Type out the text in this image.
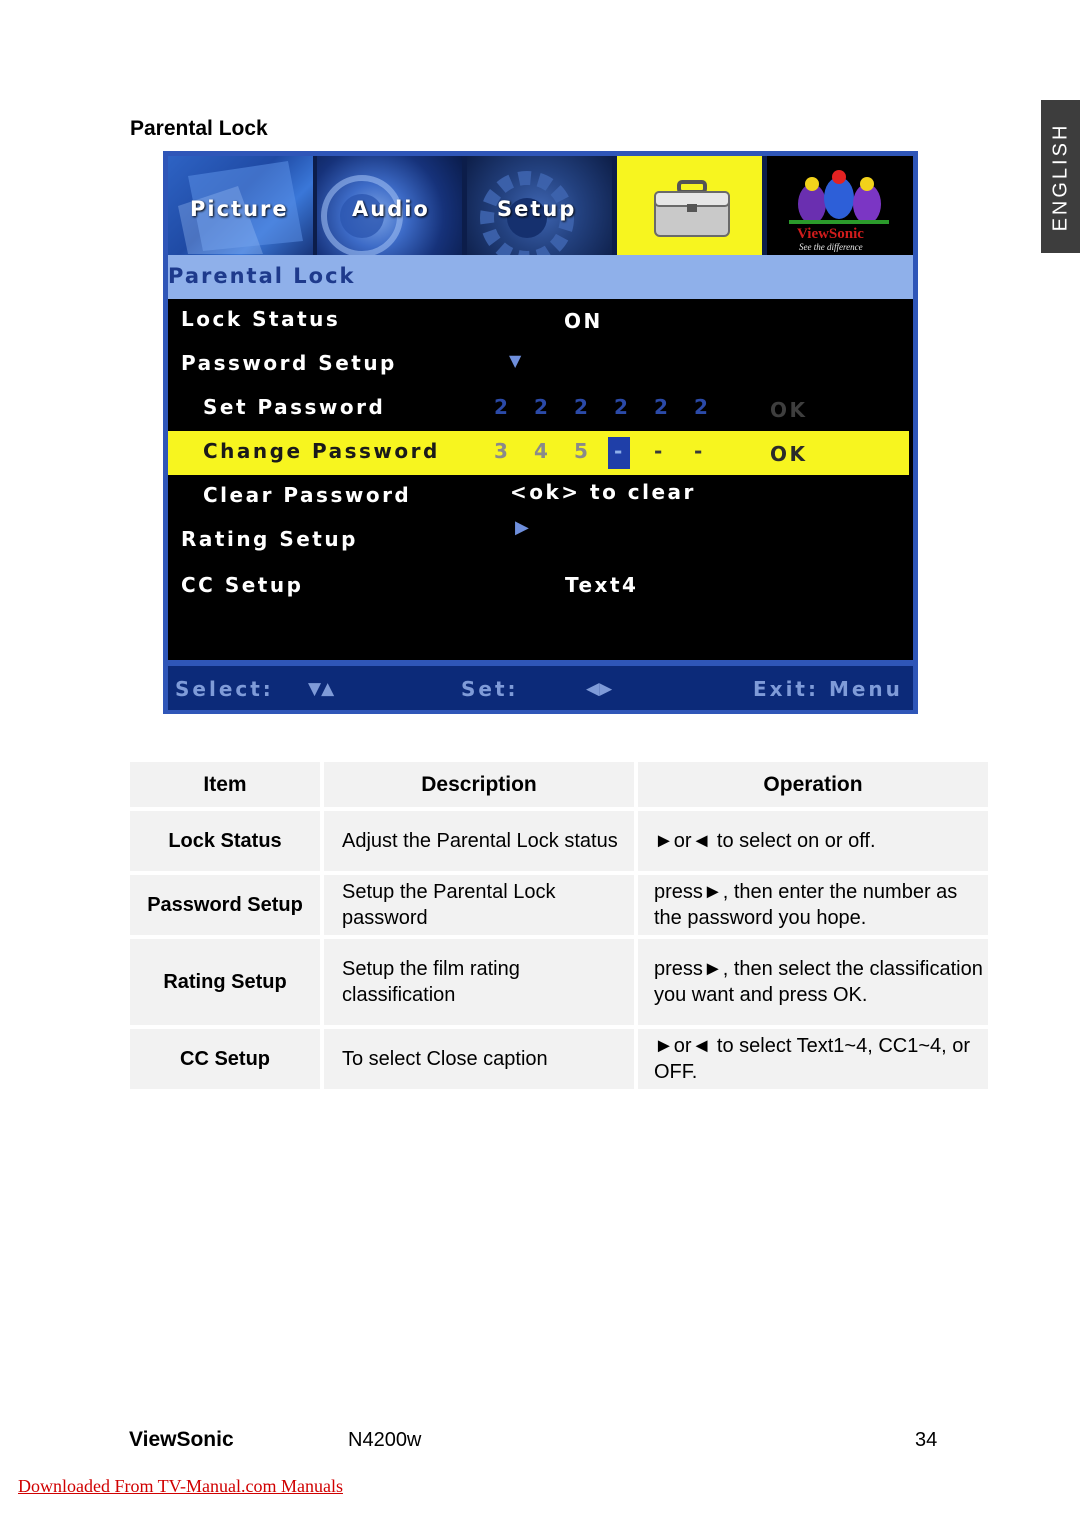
ENGLISH
Parental Lock
Picture	Audio	Setup
ViewSonic
See the difference
Parental Lock
Lock Status	ON
Password Setup	▼
Set Password	2 2 2 2 2 2	OK
Change Password	3 4 5 - - -	OK
Clear Password	<ok> to clear
Rating Setup	▶
CC Setup	Text4
Select: ▼▲	Set:	◀▶	Exit: Menu
Item	Description	Operation
Lock Status	Adjust the Parental Lock status	►or◄ to select on or off.

Password Setup	Setup the Parental Lock password	press►, then enter the number as the password you hope.

Rating Setup	Setup the film rating classification	press►, then select the classification you want and press OK.

CC Setup	To select Close caption	►or◄ to select Text1~4, CC1~4, or OFF.
ViewSonic	N4200w	34
Downloaded From TV-Manual.com Manuals
